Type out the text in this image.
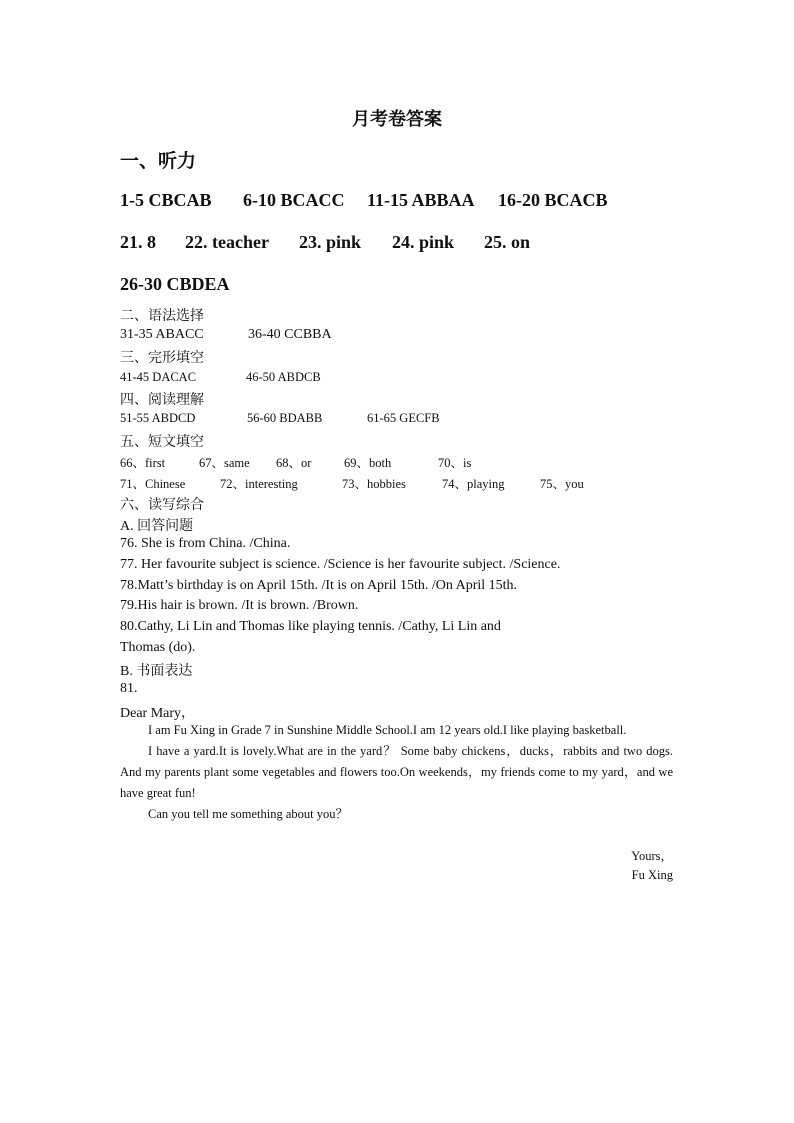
月考卷答案
一、听力
1-5 CBCAB 6-10 BCACC 11-15 ABBAA 16-20 BCACB
21. 8 22. teacher 23. pink 24. pink 25. on
26-30 CBDEA
二、语法选择
31-35 ABACC	36-40 CCBBA
三、完形填空
41-45 DACAC	46-50 ABDCB
四、阅读理解
51-55 ABDCD	56-60 BDABB	61-65 GECFB
五、短文填空
66、first	67、same 68、or	69、both	70、is
71、Chinese	72、interesting	73、hobbies	74、playing	75、you
六、读写综合
A. 回答问题
76. She is from China. /China.
77. Her favourite subject is science. /Science is her favourite subject. /Science.
78.Matt’s birthday is on April 15th. /It is on April 15th. /On April 15th.
79.His hair is brown. /It is brown. /Brown.
80.Cathy, Li Lin and Thomas like playing tennis. /Cathy, Li Lin and
Thomas (do).
B. 书面表达
81.
Dear Mary，

I am Fu Xing in Grade 7 in Sunshine Middle School.I am 12 years old.I like playing basketball.

I have a yard.It is lovely.What are in the yard？ Some baby chickens，ducks，rabbits and two dogs. And my parents plant some vegetables and flowers too.On weekends，my friends come to my yard，and we have great fun!

Can you tell me something about you？

Yours，
Fu Xing
